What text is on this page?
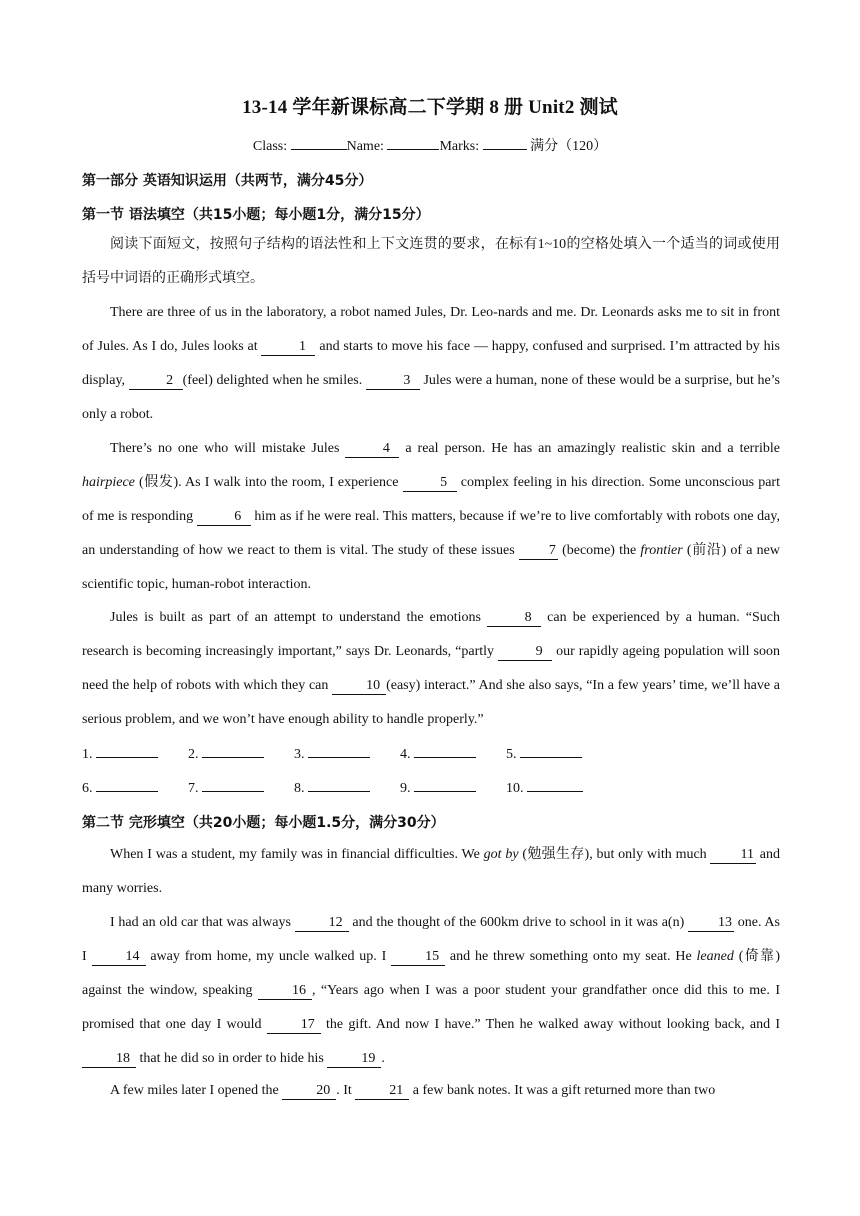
13-14 学年新课标高二下学期 8 册 Unit2 测试
Class:	Name:	Marks:	满分（120）
第一部分 英语知识运用（共两节，满分45分）
第一节 语法填空（共15小题；每小题1分，满分15分）
阅读下面短文，按照句子结构的语法性和上下文连贯的要求，在标有1~10的空格处填入一个适当的词或使用括号中词语的正确形式填空。
There are three of us in the laboratory, a robot named Jules, Dr. Leo-nards and me. Dr. Leonards asks me to sit in front of Jules. As I do, Jules looks at	1 and starts to move his face — happy, confused and surprised. I’m attracted by his display,	2 (feel) delighted when he smiles.	3 Jules were a human, none of these would be a surprise, but he’s only a robot.
There’s no one who will mistake Jules	4 a real person. He has an amazingly realistic skin and a terrible hairpiece (假发). As I walk into the room, I experience	5 complex feeling in his direction. Some unconscious part of me is responding	6 him as if he were real. This matters, because if we’re to live comfortably with robots one day, an understanding of how we react to them is vital. The study of these issues 7 (become) the frontier (前沿) of a new scientific topic, human-robot interaction.
Jules is built as part of an attempt to understand the emotions	8 can be experienced by a human. “Such research is becoming increasingly important,” says Dr. Leonards, “partly	9 our rapidly ageing population will soon need the help of robots with which they can 10 (easy) interact.” And she also says, “In a few years’ time, we’ll have a serious problem, and we won’t have enough ability to handle properly.”
1.	2.	3.	4.	5.
6.	7.	8.	9.	10.
第二节 完形填空（共20小题；每小题1.5分，满分30分）
When I was a student, my family was in financial difficulties. We got by (勉强生存), but only with much 11 and many worries.
I had an old car that was always 12 and the thought of the 600km drive to school in it was a(n) 13 one. As I 14 away from home, my uncle walked up. I 15 and he threw something onto my seat. He leaned (倚靠) against the window, speaking 16 , “Years ago when I was a poor student your grandfather once did this to me. I promised that one day I would 17 the gift. And now I have.” Then he walked away without looking back, and I 18 that he did so in order to hide his 19 .
A few miles later I opened the 20 . It 21 a few bank notes. It was a gift returned more than two
